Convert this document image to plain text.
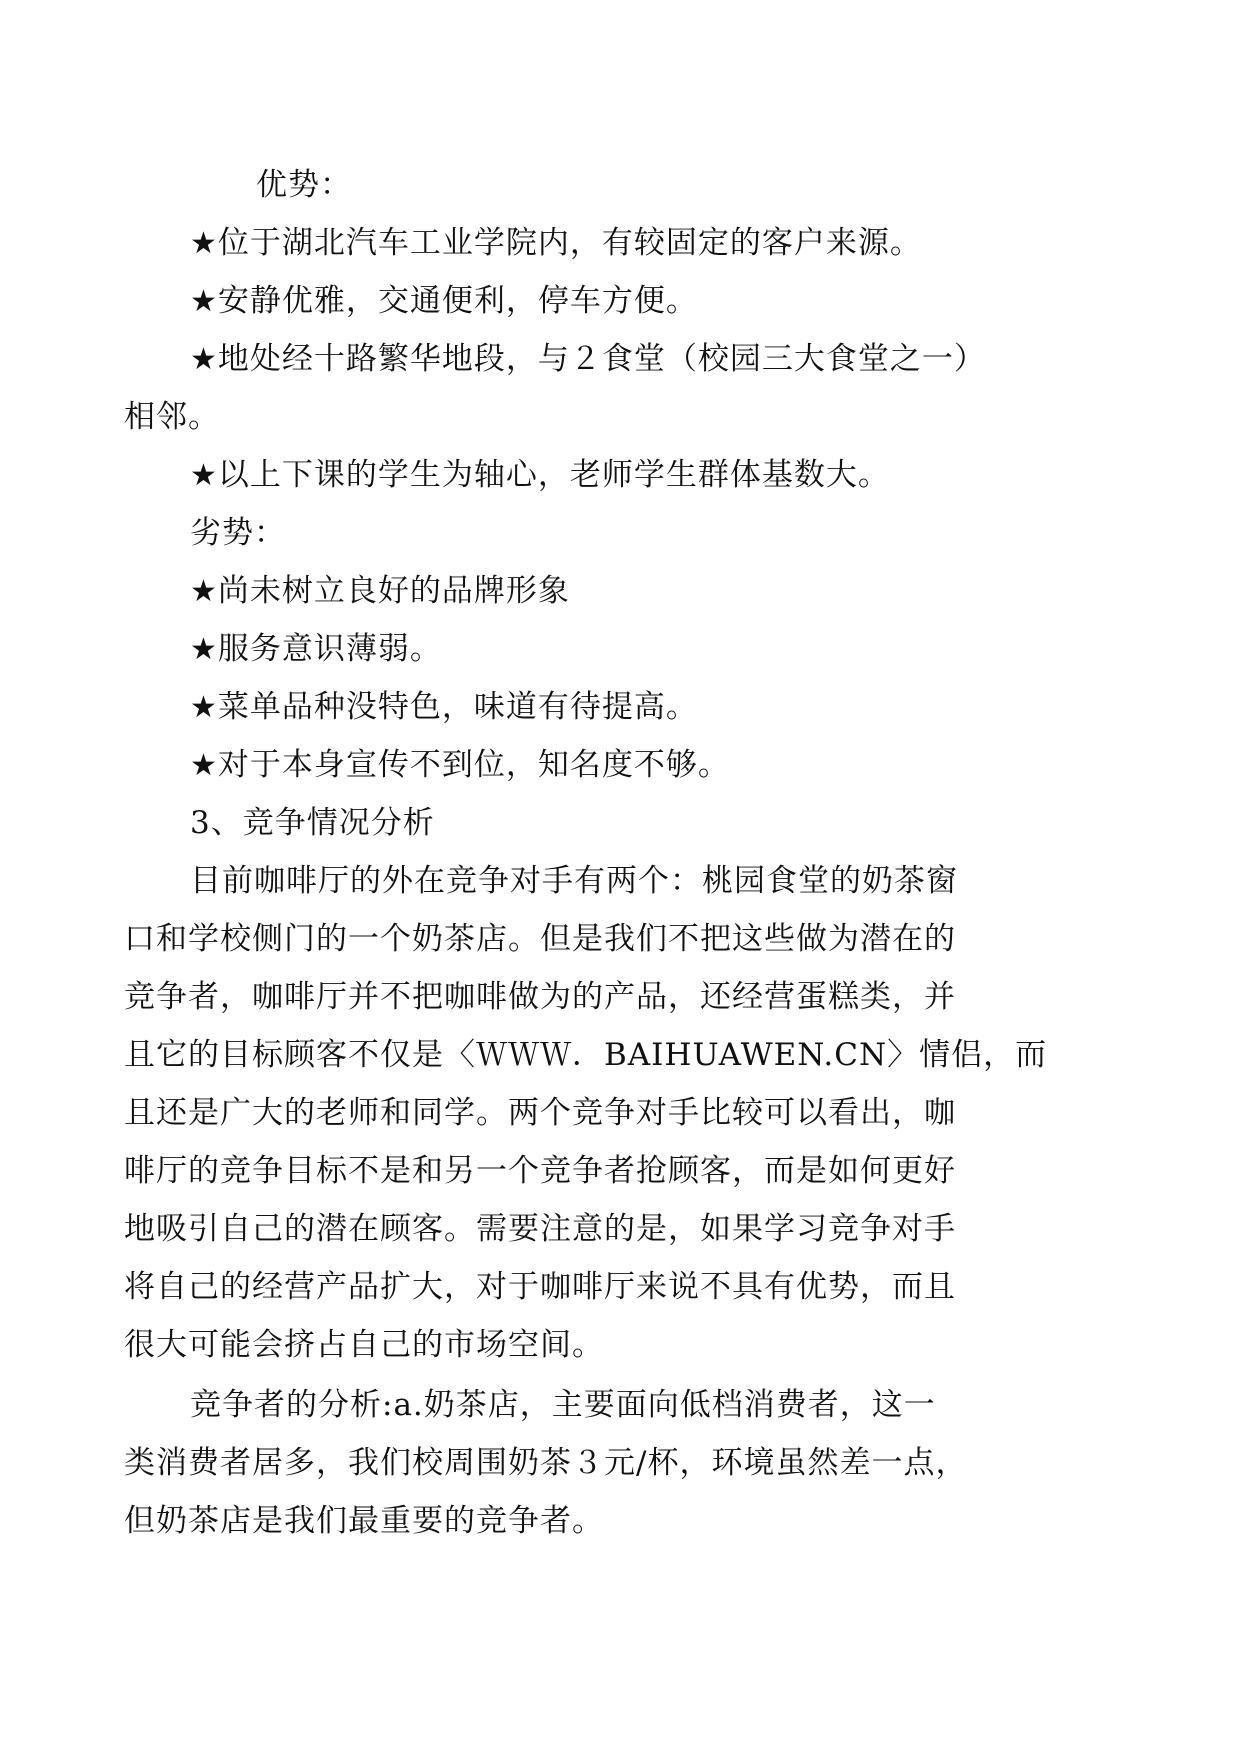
优势：
★位于湖北汽车工业学院内，有较固定的客户来源。
★安静优雅，交通便利，停车方便。
★地处经十路繁华地段，与２食堂（校园三大食堂之一）
相邻。
★以上下课的学生为轴心，老师学生群体基数大。
劣势：
★尚未树立良好的品牌形象
★服务意识薄弱。
★菜单品种没特色，味道有待提高。
★对于本身宣传不到位，知名度不够。
3、竞争情况分析
目前咖啡厅的外在竞争对手有两个：桃园食堂的奶茶窗
口和学校侧门的一个奶茶店。但是我们不把这些做为潜在的
竞争者，咖啡厅并不把咖啡做为的产品，还经营蛋糕类，并
且它的目标顾客不仅是〈ＷＷＷ．BAIHUAWEN.CN〉情侣，而
且还是广大的老师和同学。两个竞争对手比较可以看出，咖
啡厅的竞争目标不是和另一个竞争者抢顾客，而是如何更好
地吸引自己的潜在顾客。需要注意的是，如果学习竞争对手
将自己的经营产品扩大，对于咖啡厅来说不具有优势，而且
很大可能会挤占自己的市场空间。
竞争者的分析:a.奶茶店，主要面向低档消费者，这一
类消费者居多，我们校周围奶茶３元/杯，环境虽然差一点，
但奶茶店是我们最重要的竞争者。
